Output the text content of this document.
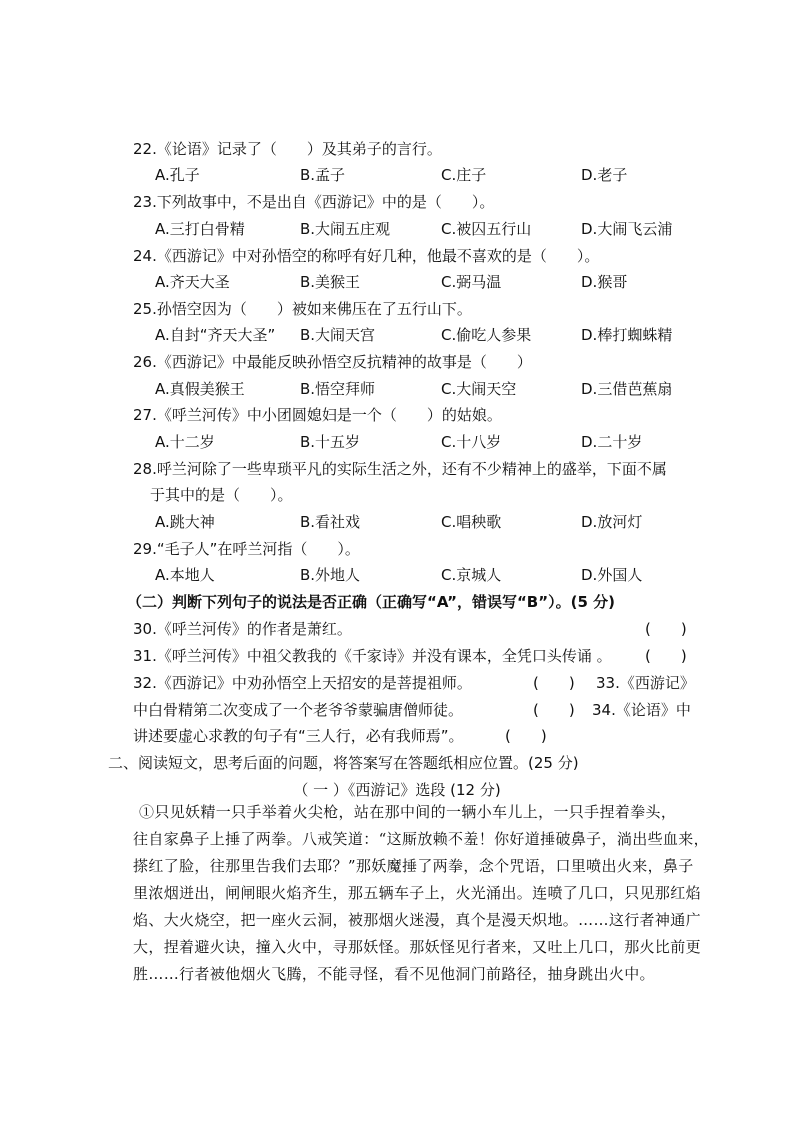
22.《论语》记录了（　　）及其弟子的言行。
A.孔子	B.孟子	C.庄子	D.老子
23.下列故事中，不是出自《西游记》中的是（　　）。
A.三打白骨精	B.大闹五庄观	C.被囚五行山	D.大闹飞云浦
24.《西游记》中对孙悟空的称呼有好几种，他最不喜欢的是（　　）。
A.齐天大圣	B.美猴王	C.弼马温	D.猴哥
25.孙悟空因为（　　）被如来佛压在了五行山下。
A.自封“齐天大圣” B.大闹天宫	C.偷吃人参果	D.棒打蜘蛛精
26.《西游记》中最能反映孙悟空反抗精神的故事是（　　）
A.真假美猴王	B.悟空拜师	C.大闹天空	D.三借芭蕉扇
27.《呼兰河传》中小团圆媳妇是一个（　　）的姑娘。
A.十二岁	B.十五岁	C.十八岁	D.二十岁
28.呼兰河除了一些卑琐平凡的实际生活之外，还有不少精神上的盛举，下面不属
于其中的是（　　）。
A.跳大神	B.看社戏	C.唱秧歌	D.放河灯
29.“毛子人”在呼兰河指（　　）。
A.本地人	B.外地人	C.京城人	D.外国人
（二）判断下列句子的说法是否正确（正确写“A”，错误写“B”）。(5 分)
30.《呼兰河传》的作者是萧红。	(　　)
31.《呼兰河传》中祖父教我的《千家诗》并没有课本，全凭口头传诵 。 (　　)
32.《西游记》中劝孙悟空上天招安的是菩提祖师。	(　　) 33.《西游记》
中白骨精第二次变成了一个老爷爷蒙骗唐僧师徒。	(　　) 34.《论语》中
讲述要虚心求教的句子有“三人行，必有我师焉”。	(　　)
二、阅读短文，思考后面的问题，将答案写在答题纸相应位置。(25 分)
（ 一 ）《西游记》选段 (12 分)
①只见妖精一只手举着火尖枪，站在那中间的一辆小车儿上，一只手捏着拳头，
往自家鼻子上捶了两拳。八戒笑道：“这厮放赖不羞！你好道捶破鼻子，淌出些血来，
搽红了脸，往那里告我们去耶？”那妖魔捶了两拳，念个咒语，口里喷出火来，鼻子
里浓烟迸出，闸闸眼火焰齐生，那五辆车子上，火光涌出。连喷了几口，只见那红焰
焰、大火烧空，把一座火云洞，被那烟火迷漫，真个是漫天炽地。……这行者神通广
大，捏着避火诀，撞入火中，寻那妖怪。那妖怪见行者来，又吐上几口，那火比前更
胜……行者被他烟火飞腾，不能寻怪，看不见他洞门前路径，抽身跳出火中。
